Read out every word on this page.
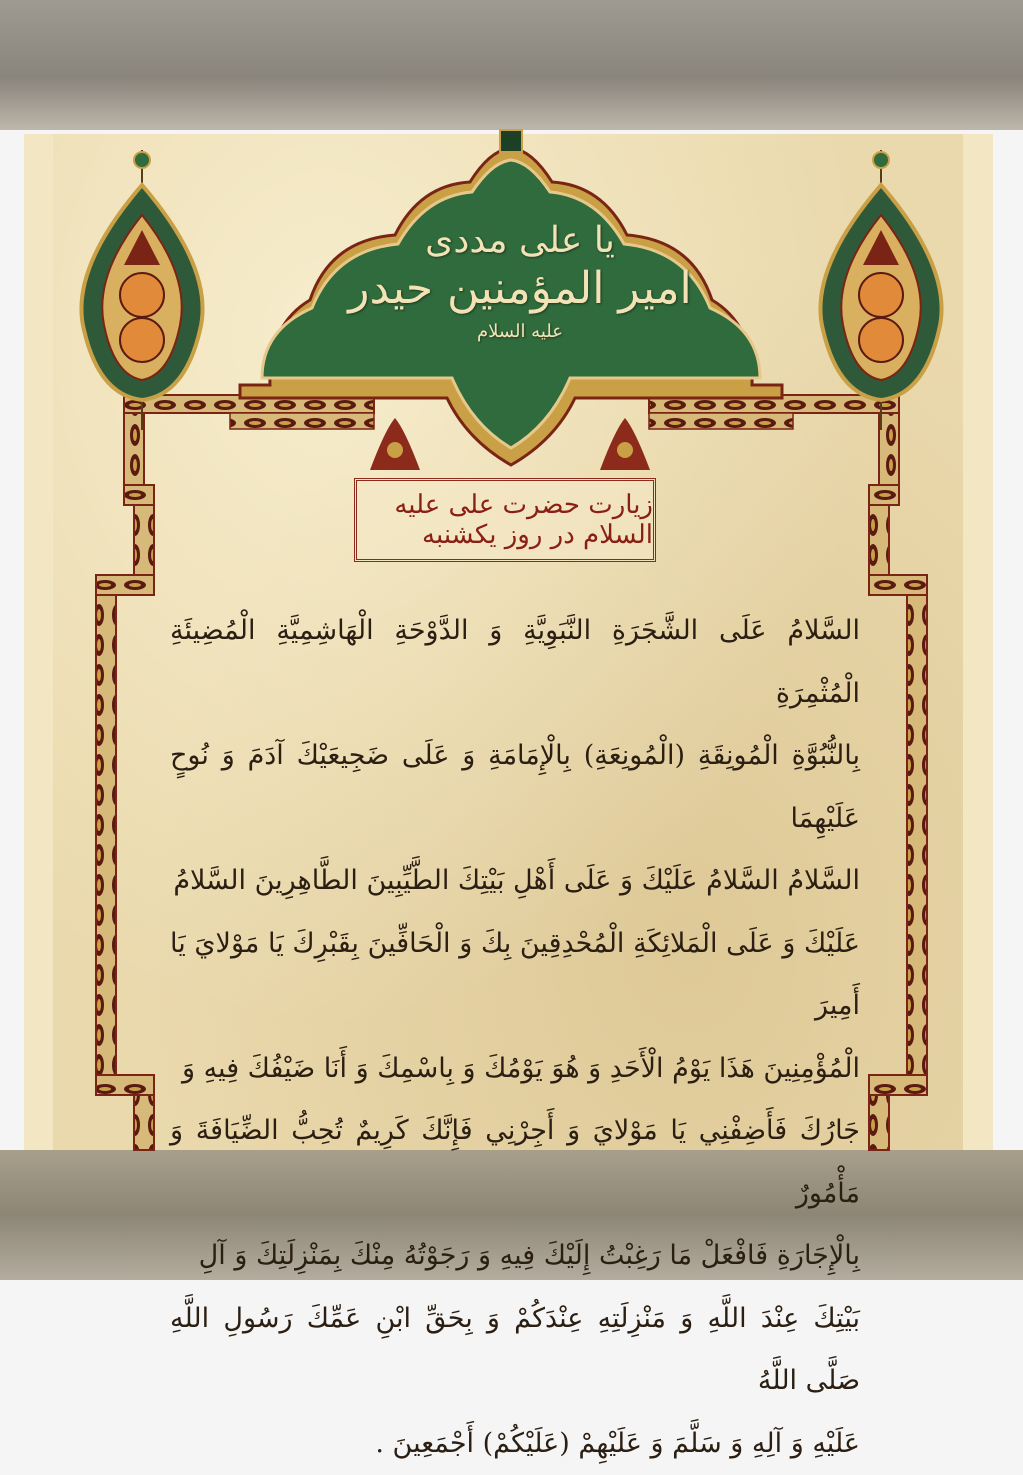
یا علی مددی
امیر المؤمنین حیدر
علیه السلام
زیارت حضرت علی علیه السلام در روز یکشنبه

السَّلامُ عَلَى الشَّجَرَةِ النَّبَوِيَّةِ وَ الدَّوْحَةِ الْهَاشِمِيَّةِ الْمُضِيئَةِ الْمُثْمِرَةِ

بِالنُّبُوَّةِ الْمُونِقَةِ (الْمُونِعَةِ) بِالْإِمَامَةِ وَ عَلَى ضَجِيعَيْكَ آدَمَ وَ نُوحٍ عَلَيْهِمَا

السَّلامُ السَّلامُ عَلَيْكَ وَ عَلَى أَهْلِ بَيْتِكَ الطَّيِّبِينَ الطَّاهِرِينَ السَّلامُ

عَلَيْكَ وَ عَلَى الْمَلائِكَةِ الْمُحْدِقِينَ بِكَ وَ الْحَافِّينَ بِقَبْرِكَ يَا مَوْلايَ يَا أَمِيرَ

الْمُؤْمِنِينَ هَذَا يَوْمُ الْأَحَدِ وَ هُوَ يَوْمُكَ وَ بِاسْمِكَ وَ أَنَا ضَيْفُكَ فِيهِ وَ

جَارُكَ فَأَضِفْنِي يَا مَوْلايَ وَ أَجِرْنِي فَإِنَّكَ كَرِيمٌ تُحِبُّ الضِّيَافَةَ وَ مَأْمُورٌ

بِالْإِجَارَةِ فَافْعَلْ مَا رَغِبْتُ إِلَيْكَ فِيهِ وَ رَجَوْتُهُ مِنْكَ بِمَنْزِلَتِكَ وَ آلِ

بَيْتِكَ عِنْدَ اللَّهِ وَ مَنْزِلَتِهِ عِنْدَكُمْ وَ بِحَقِّ ابْنِ عَمِّكَ رَسُولِ اللَّهِ صَلَّى اللَّهُ

عَلَيْهِ وَ آلِهِ وَ سَلَّمَ وَ عَلَيْهِمْ (عَلَيْكُمْ) أَجْمَعِينَ .
